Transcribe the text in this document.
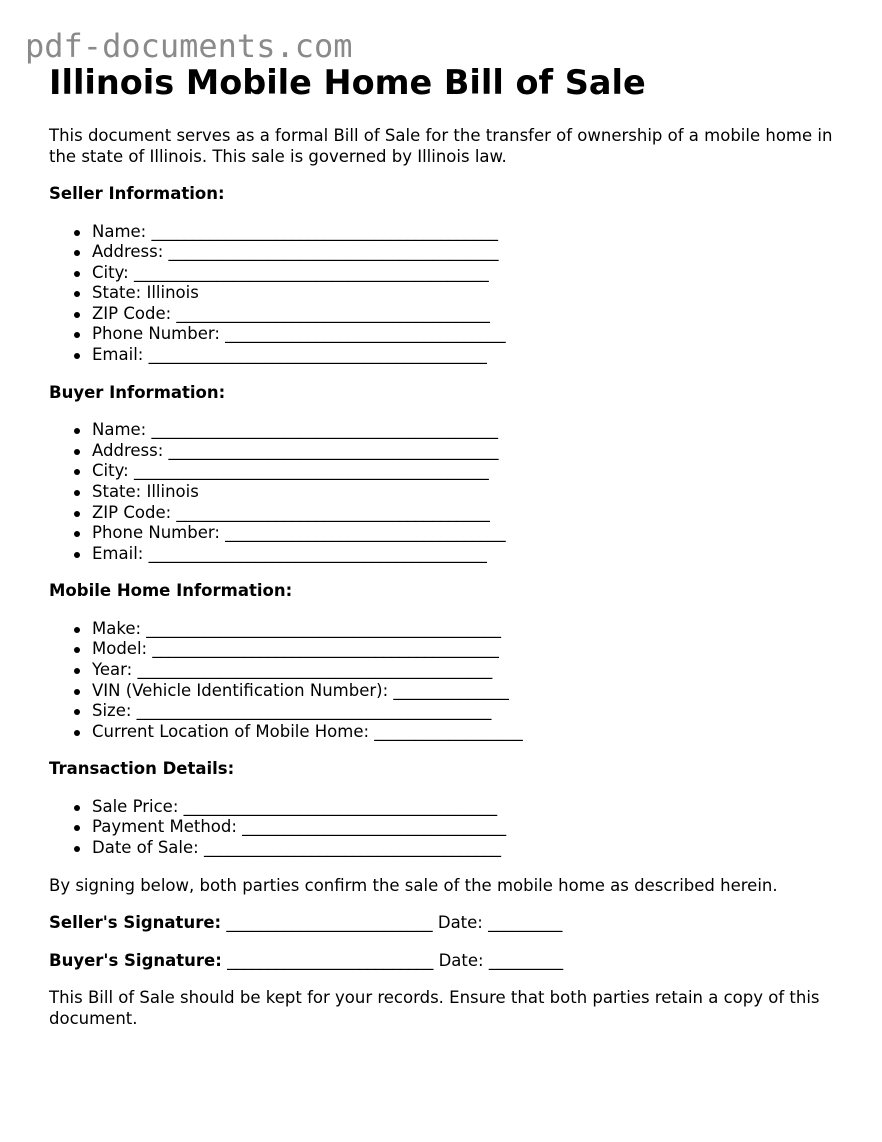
pdf-documents.com
Illinois Mobile Home Bill of Sale

This document serves as a formal Bill of Sale for the transfer of ownership of a mobile home in the state of Illinois. This sale is governed by Illinois law.

Seller Information:

Name: __________________________________________
Address: ________________________________________
City: ___________________________________________
State: Illinois
ZIP Code: ______________________________________
Phone Number: __________________________________
Email: _________________________________________

Buyer Information:

Name: __________________________________________
Address: ________________________________________
City: ___________________________________________
State: Illinois
ZIP Code: ______________________________________
Phone Number: __________________________________
Email: _________________________________________

Mobile Home Information:

Make: ___________________________________________
Model: __________________________________________
Year: ___________________________________________
VIN (Vehicle Identification Number): ______________
Size: ___________________________________________
Current Location of Mobile Home: __________________

Transaction Details:

Sale Price: ______________________________________
Payment Method: ________________________________
Date of Sale: ____________________________________

By signing below, both parties confirm the sale of the mobile home as described herein.

Seller's Signature: _________________________ Date: _________

Buyer's Signature: _________________________ Date: _________

This Bill of Sale should be kept for your records. Ensure that both parties retain a copy of this document.
